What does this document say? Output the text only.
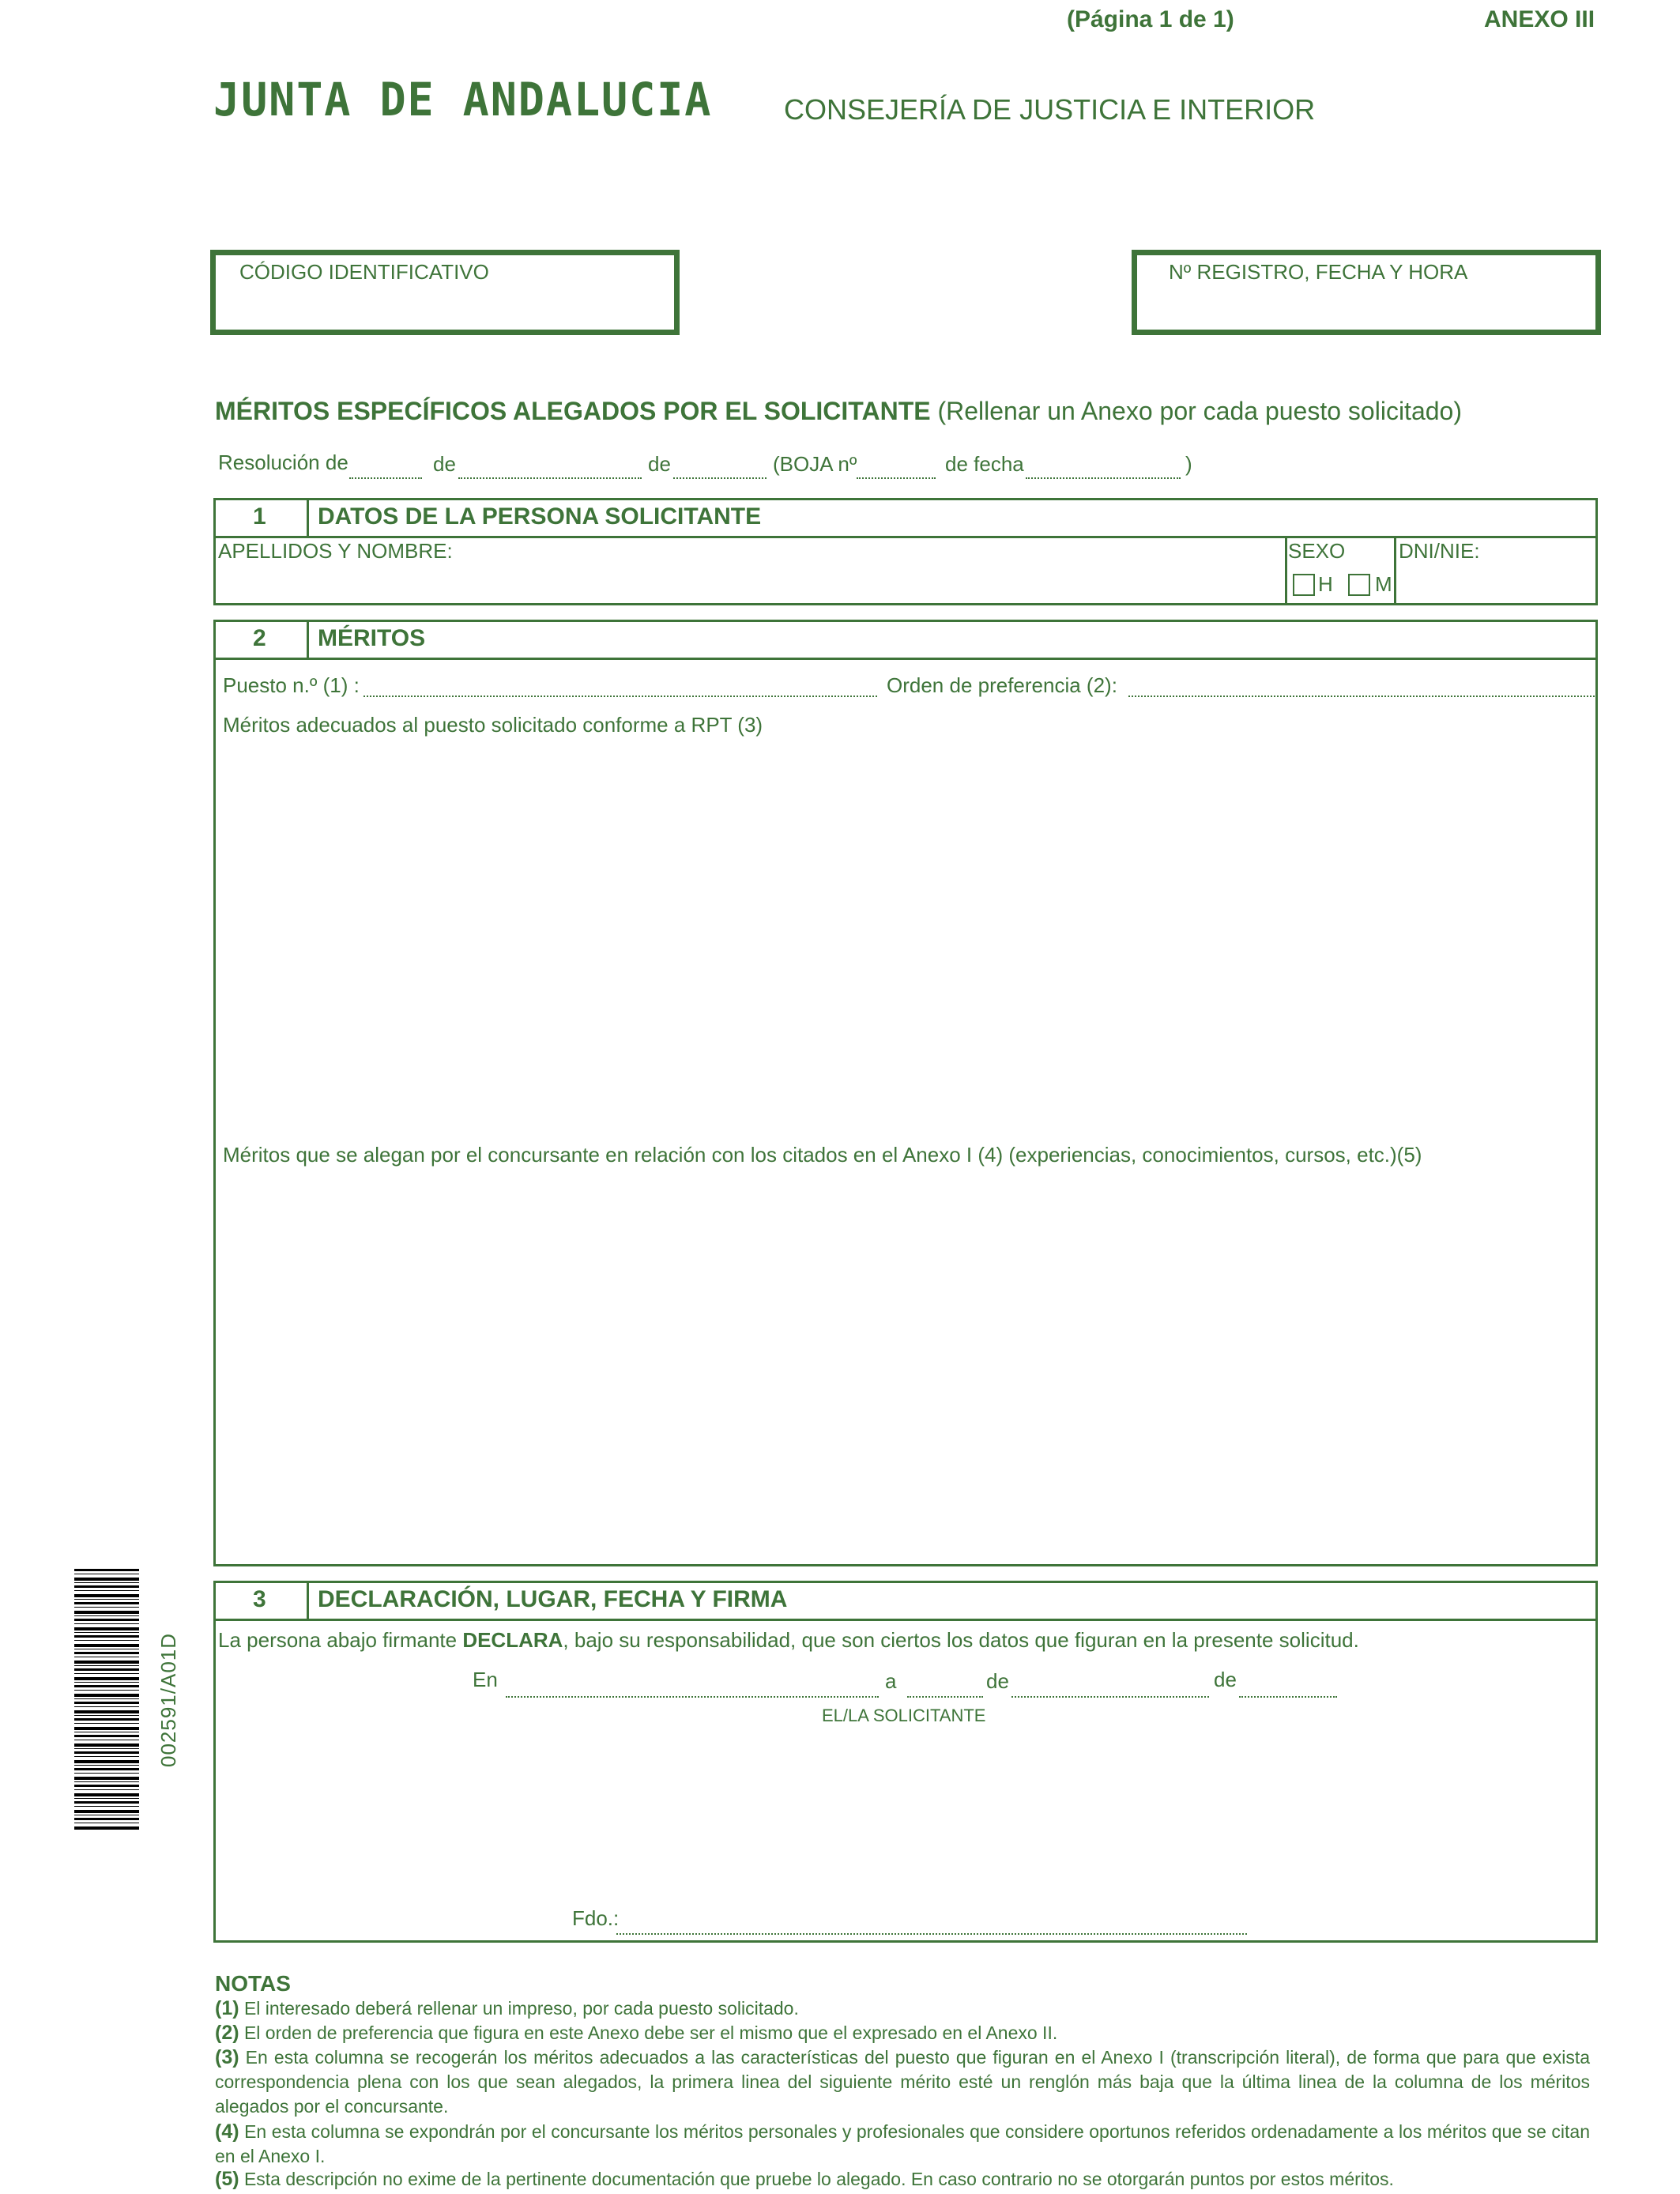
(Página 1 de 1)	ANEXO III
JUNTA DE ANDALUCIA	CONSEJERÍA DE JUSTICIA E INTERIOR
CÓDIGO IDENTIFICATIVO	Nº REGISTRO, FECHA Y HORA
MÉRITOS ESPECÍFICOS ALEGADOS POR EL SOLICITANTE (Rellenar un Anexo por cada puesto solicitado)
Resolución de	de	de	(BOJA nº	de fecha	)
1 DATOS DE LA PERSONA SOLICITANTE
APELLIDOS Y NOMBRE:	SEXO
H M
DNI/NIE:
2 MÉRITOS
Puesto n.º (1) :	Orden de preferencia (2):
Méritos adecuados al puesto solicitado conforme a RPT (3)
Méritos que se alegan por el concursante en relación con los citados en el Anexo I (4) (experiencias, conocimientos, cursos, etc.)(5)
002591/A01D
3 DECLARACIÓN, LUGAR, FECHA Y FIRMA
La persona abajo firmante DECLARA, bajo su responsabilidad, que son ciertos los datos que figuran en la presente solicitud.
En	a	de	de
EL/LA SOLICITANTE
Fdo.:
NOTAS
(1) El interesado deberá rellenar un impreso, por cada puesto solicitado.
(2) El orden de preferencia que figura en este Anexo debe ser el mismo que el expresado en el Anexo II.
(3) En esta columna se recogerán los méritos adecuados a las características del puesto que figuran en el Anexo I (transcripción literal), de forma que para que exista correspondencia plena con los que sean alegados, la primera linea del siguiente mérito esté un renglón más baja que la última linea de la columna de los méritos alegados por el concursante.
(4) En esta columna se expondrán por el concursante los méritos personales y profesionales que considere oportunos referidos ordenadamente a los méritos que se citan en el Anexo I.
(5) Esta descripción no exime de la pertinente documentación que pruebe lo alegado. En caso contrario no se otorgarán puntos por estos méritos.
